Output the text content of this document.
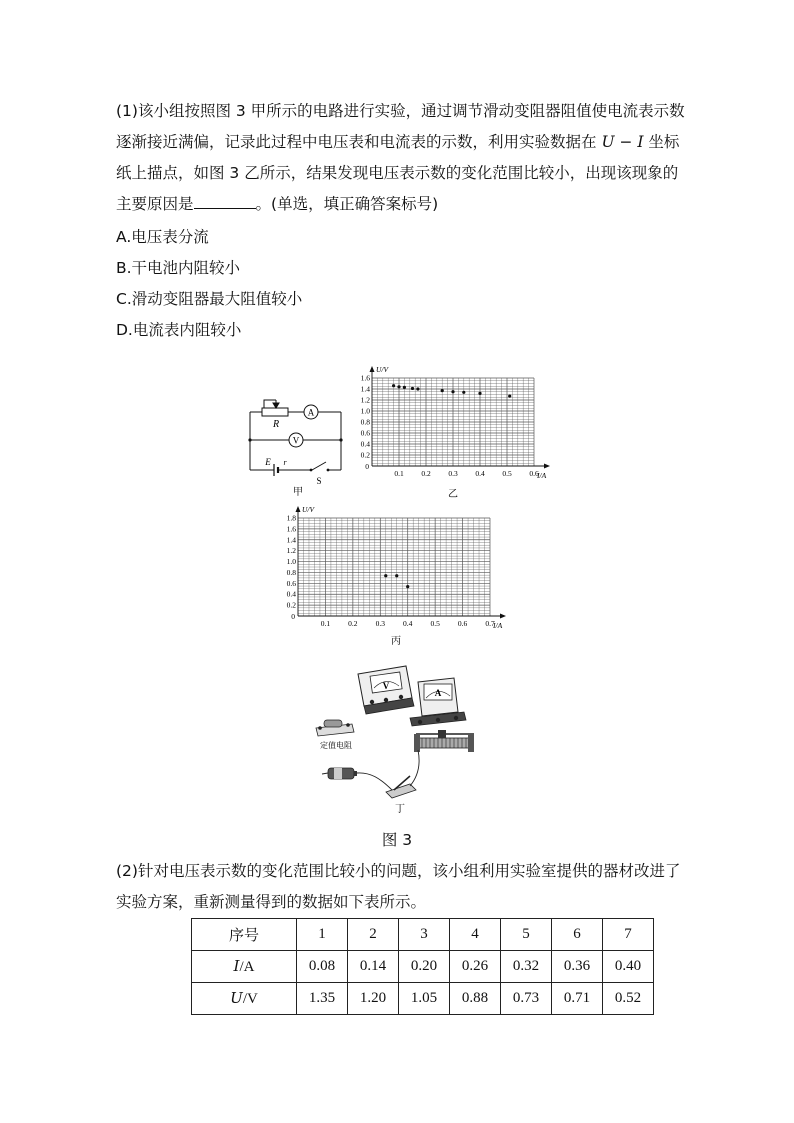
(1)该小组按照图 3 甲所示的电路进行实验，通过调节滑动变阻器阻值使电流表示数逐渐接近满偏，记录此过程中电压表和电流表的示数，利用实验数据在 U − I 坐标纸上描点，如图 3 乙所示，结果发现电压表示数的变化范围比较小，出现该现象的主要原因是	。(单选，填正确答案标号)
A.电压表分流
B.干电池内阻较小
C.滑动变阻器最大阻值较小
D.电流表内阻较小
R
A
V
E r
S
甲
0.1 0.2 0.3 0.4 0.5 0.6
0.2
0.4
0.6
0.8
1.0
1.2
1.4
1.6
0
U/V
I/A
乙
0.1 0.2 0.3 0.4 0.5 0.6 0.7
0.2
0.4
0.6
0.8
1.0
1.2
1.4
1.6
1.8
0
U/V
I/A
丙
V
A
定值电阻
丁
图 3
(2)针对电压表示数的变化范围比较小的问题，该小组利用实验室提供的器材改进了实验方案，重新测量得到的数据如下表所示。
序号	1	2	3	4	5	6	7
I/A	0.08	0.14	0.20	0.26	0.32	0.36	0.40
U/V	1.35	1.20	1.05	0.88	0.73	0.71	0.52
